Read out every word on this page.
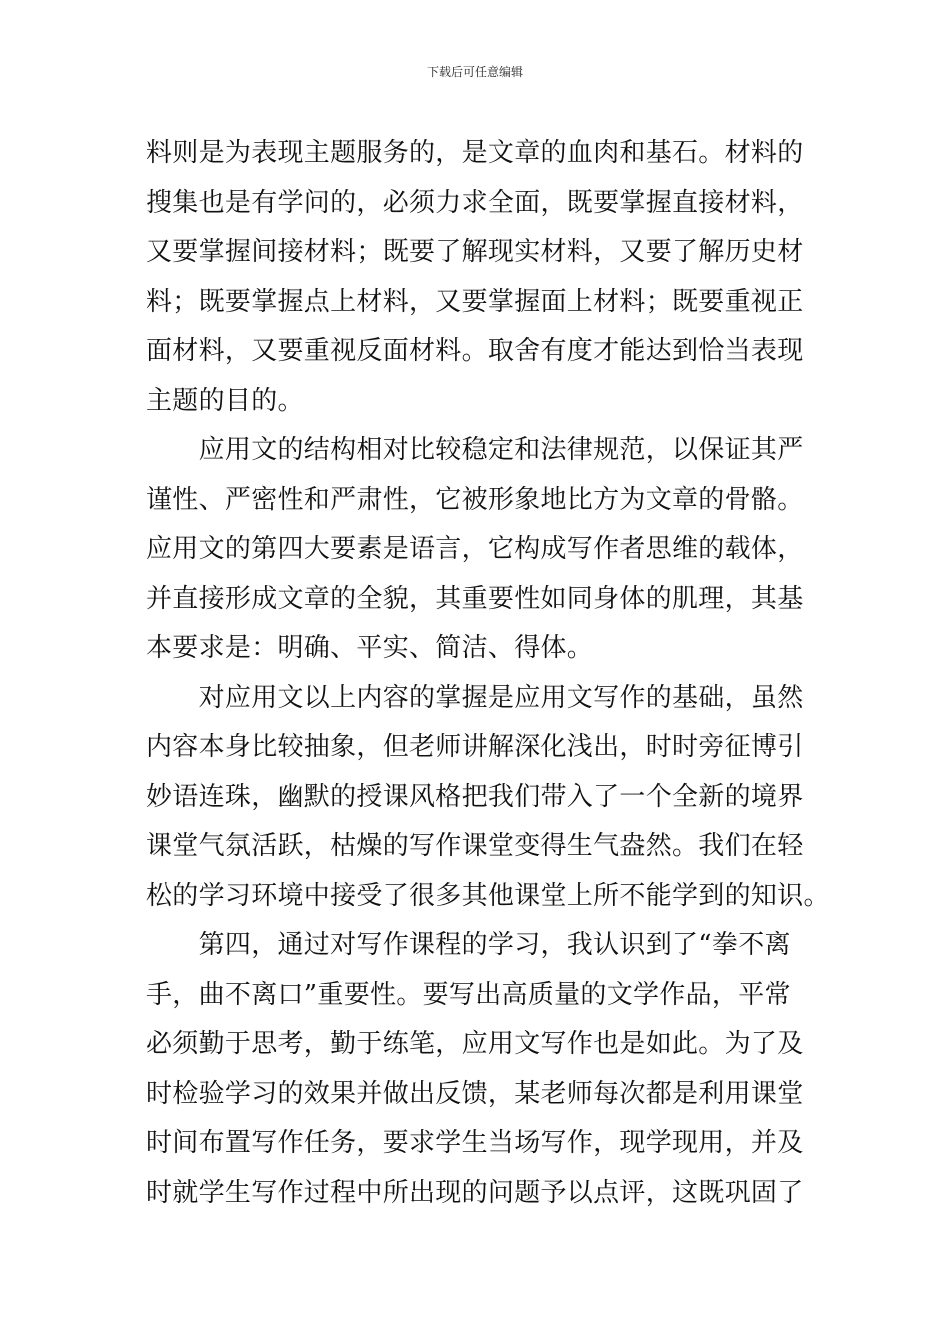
下载后可任意编辑
料则是为表现主题服务的，是文章的血肉和基石。材料的
搜集也是有学问的，必须力求全面，既要掌握直接材料，
又要掌握间接材料；既要了解现实材料，又要了解历史材
料；既要掌握点上材料，又要掌握面上材料；既要重视正
面材料，又要重视反面材料。取舍有度才能达到恰当表现
主题的目的。
　　应用文的结构相对比较稳定和法律规范，以保证其严
谨性、严密性和严肃性，它被形象地比方为文章的骨骼。
应用文的第四大要素是语言，它构成写作者思维的载体，
并直接形成文章的全貌，其重要性如同身体的肌理，其基
本要求是：明确、平实、简洁、得体。
　　对应用文以上内容的掌握是应用文写作的基础，虽然
内容本身比较抽象，但老师讲解深化浅出，时时旁征博引
妙语连珠，幽默的授课风格把我们带入了一个全新的境界
课堂气氛活跃，枯燥的写作课堂变得生气盎然。我们在轻
松的学习环境中接受了很多其他课堂上所不能学到的知识。
　　第四，通过对写作课程的学习，我认识到了“拳不离
手，曲不离口”重要性。要写出高质量的文学作品，平常
必须勤于思考，勤于练笔，应用文写作也是如此。为了及
时检验学习的效果并做出反馈，某老师每次都是利用课堂
时间布置写作任务，要求学生当场写作，现学现用，并及
时就学生写作过程中所出现的问题予以点评，这既巩固了
